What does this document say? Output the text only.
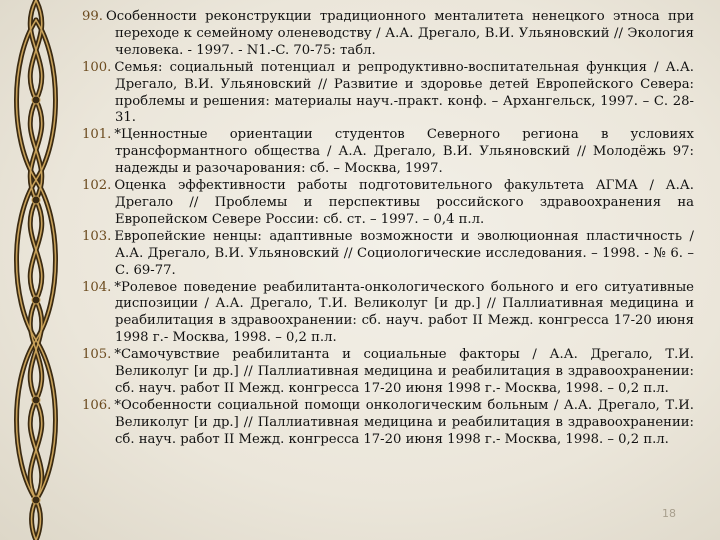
99. Особенности реконструкции традиционного менталитета ненецкого этноса при переходе к семейному оленеводству / А.А. Дрегало, В.И. Ульяновский // Экология человека. - 1997. - N1.-C. 70-75: табл.
100. Семья: социальный потенциал и репродуктивно-воспитательная функция / А.А. Дрегало, В.И. Ульяновский // Развитие и здоровье детей Европейского Севера: проблемы и решения: материалы науч.-практ. конф. – Архангельск, 1997. – С. 28-31.
101. *Ценностные ориентации студентов Северного региона в условиях трансформантного общества / А.А. Дрегало, В.И. Ульяновский // Молодёжь 97: надежды и разочарования: сб. – Москва, 1997.
102. Оценка эффективности работы подготовительного факультета АГМА / А.А. Дрегало // Проблемы и перспективы российского здравоохранения на Европейском Севере России: сб. ст. – 1997. – 0,4 п.л.
103. Европейские ненцы: адаптивные возможности и эволюционная пластичность / А.А. Дрегало, В.И. Ульяновский // Социологические исследования. – 1998. - № 6. – С. 69-77.
104. *Ролевое поведение реабилитанта-онкологического больного и его ситуативные диспозиции / А.А. Дрегало, Т.И. Великолуг [и др.] // Паллиативная медицина и реабилитация в здравоохранении: сб. науч. работ II Межд. конгресса 17-20 июня 1998 г.- Москва, 1998. – 0,2 п.л.
105. *Самочувствие реабилитанта и социальные факторы / А.А. Дрегало, Т.И. Великолуг [и др.] // Паллиативная медицина и реабилитация в здравоохранении: сб. науч. работ II Межд. конгресса 17-20 июня 1998 г.- Москва, 1998. – 0,2 п.л.
106. *Особенности социальной помощи онкологическим больным / А.А. Дрегало, Т.И. Великолуг [и др.] // Паллиативная медицина и реабилитация в здравоохранении: сб. науч. работ II Межд. конгресса 17-20 июня 1998 г.- Москва, 1998. – 0,2 п.л.
18
